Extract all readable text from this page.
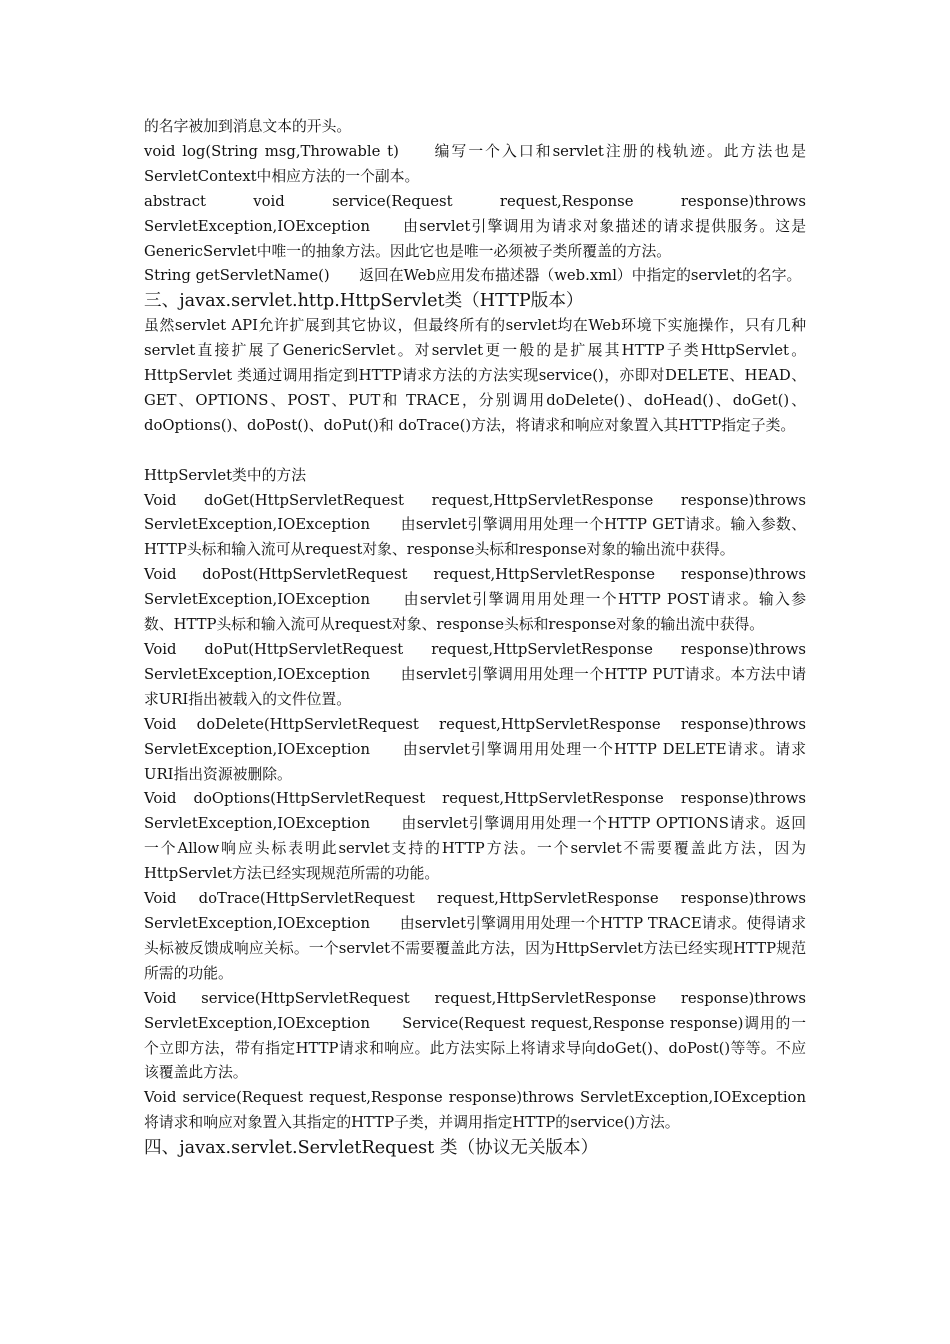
的名字被加到消息文本的开头。

void log(String msg,Throwable t)　　编写一个入口和servlet注册的栈轨迹。此方法也是ServletContext中相应方法的一个副本。

abstract void service(Request request,Response response)throws ServletException,IOException　　由servlet引擎调用为请求对象描述的请求提供服务。这是GenericServlet中唯一的抽象方法。因此它也是唯一必须被子类所覆盖的方法。

String getServletName()　　返回在Web应用发布描述器（web.xml）中指定的servlet的名字。

三、javax.servlet.http.HttpServlet类（HTTP版本）

虽然servlet API允许扩展到其它协议，但最终所有的servlet均在Web环境下实施操作，只有几种servlet直接扩展了GenericServlet。对servlet更一般的是扩展其HTTP子类HttpServlet。HttpServlet 类通过调用指定到HTTP请求方法的方法实现service()，亦即对DELETE、HEAD、GET、OPTIONS、POST、PUT和 TRACE，分别调用doDelete()、doHead()、doGet()、doOptions()、doPost()、doPut()和 doTrace()方法，将请求和响应对象置入其HTTP指定子类。

HttpServlet类中的方法

Void doGet(HttpServletRequest request,HttpServletResponse response)throws ServletException,IOException　　由servlet引擎调用用处理一个HTTP GET请求。输入参数、HTTP头标和输入流可从request对象、response头标和response对象的输出流中获得。

Void doPost(HttpServletRequest request,HttpServletResponse response)throws ServletException,IOException　　由servlet引擎调用用处理一个HTTP POST请求。输入参数、HTTP头标和输入流可从request对象、response头标和response对象的输出流中获得。

Void doPut(HttpServletRequest request,HttpServletResponse response)throws ServletException,IOException　　由servlet引擎调用用处理一个HTTP PUT请求。本方法中请求URI指出被载入的文件位置。

Void doDelete(HttpServletRequest request,HttpServletResponse response)throws ServletException,IOException　　由servlet引擎调用用处理一个HTTP DELETE请求。请求URI指出资源被删除。

Void doOptions(HttpServletRequest request,HttpServletResponse response)throws ServletException,IOException　　由servlet引擎调用用处理一个HTTP OPTIONS请求。返回一个Allow响应头标表明此servlet支持的HTTP方法。一个servlet不需要覆盖此方法，因为HttpServlet方法已经实现规范所需的功能。

Void doTrace(HttpServletRequest request,HttpServletResponse response)throws ServletException,IOException　　由servlet引擎调用用处理一个HTTP TRACE请求。使得请求头标被反馈成响应关标。一个servlet不需要覆盖此方法，因为HttpServlet方法已经实现HTTP规范所需的功能。

Void service(HttpServletRequest request,HttpServletResponse response)throws ServletException,IOException　　Service(Request request,Response response)调用的一个立即方法，带有指定HTTP请求和响应。此方法实际上将请求导向doGet()、doPost()等等。不应该覆盖此方法。

Void service(Request request,Response response)throws ServletException,IOException 将请求和响应对象置入其指定的HTTP子类，并调用指定HTTP的service()方法。

四、javax.servlet.ServletRequest 类（协议无关版本）
